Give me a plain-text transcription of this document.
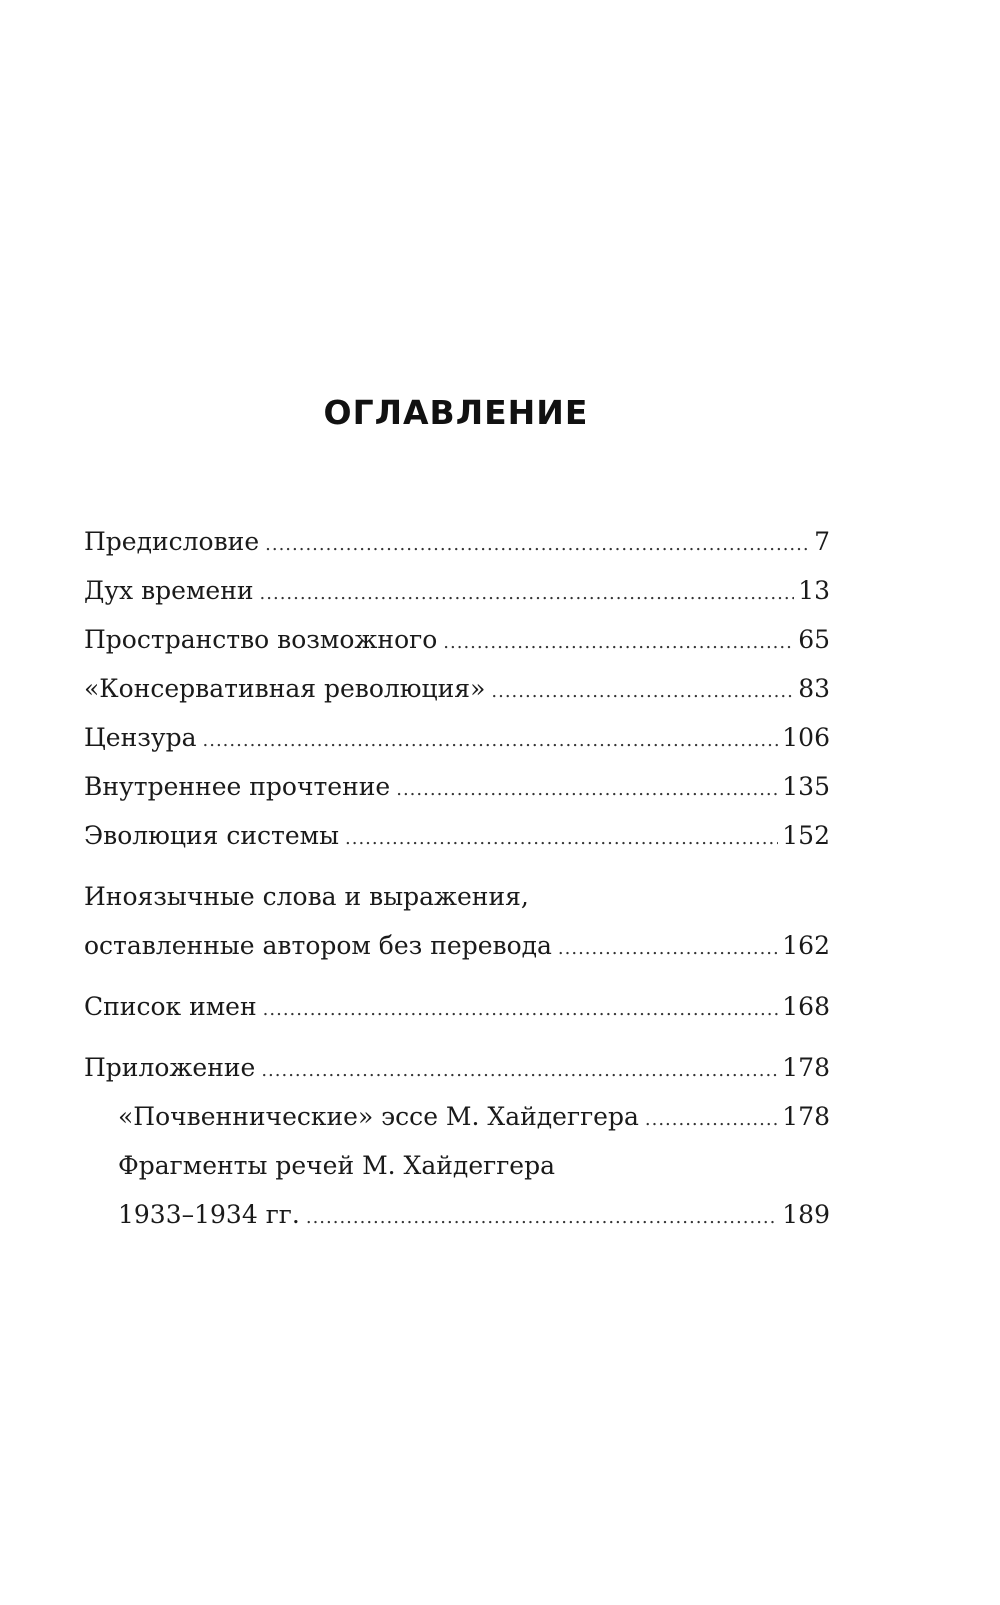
ОГЛАВЛЕНИЕ
Предисловие .....	7
Дух времени .....	13
Пространство возможного .....	65
«Консервативная революция» .....	83
Цензура .....	106
Внутреннее прочтение .....	135
Эволюция системы .....	152
Иноязычные слова и выражения,
оставленные автором без перевода .....	162
Список имен .....	168
Приложение .....	178
«Почвеннические» эссе М. Хайдеггера .....	178
Фрагменты речей М. Хайдеггера
1933–1934 гг. .....	189
